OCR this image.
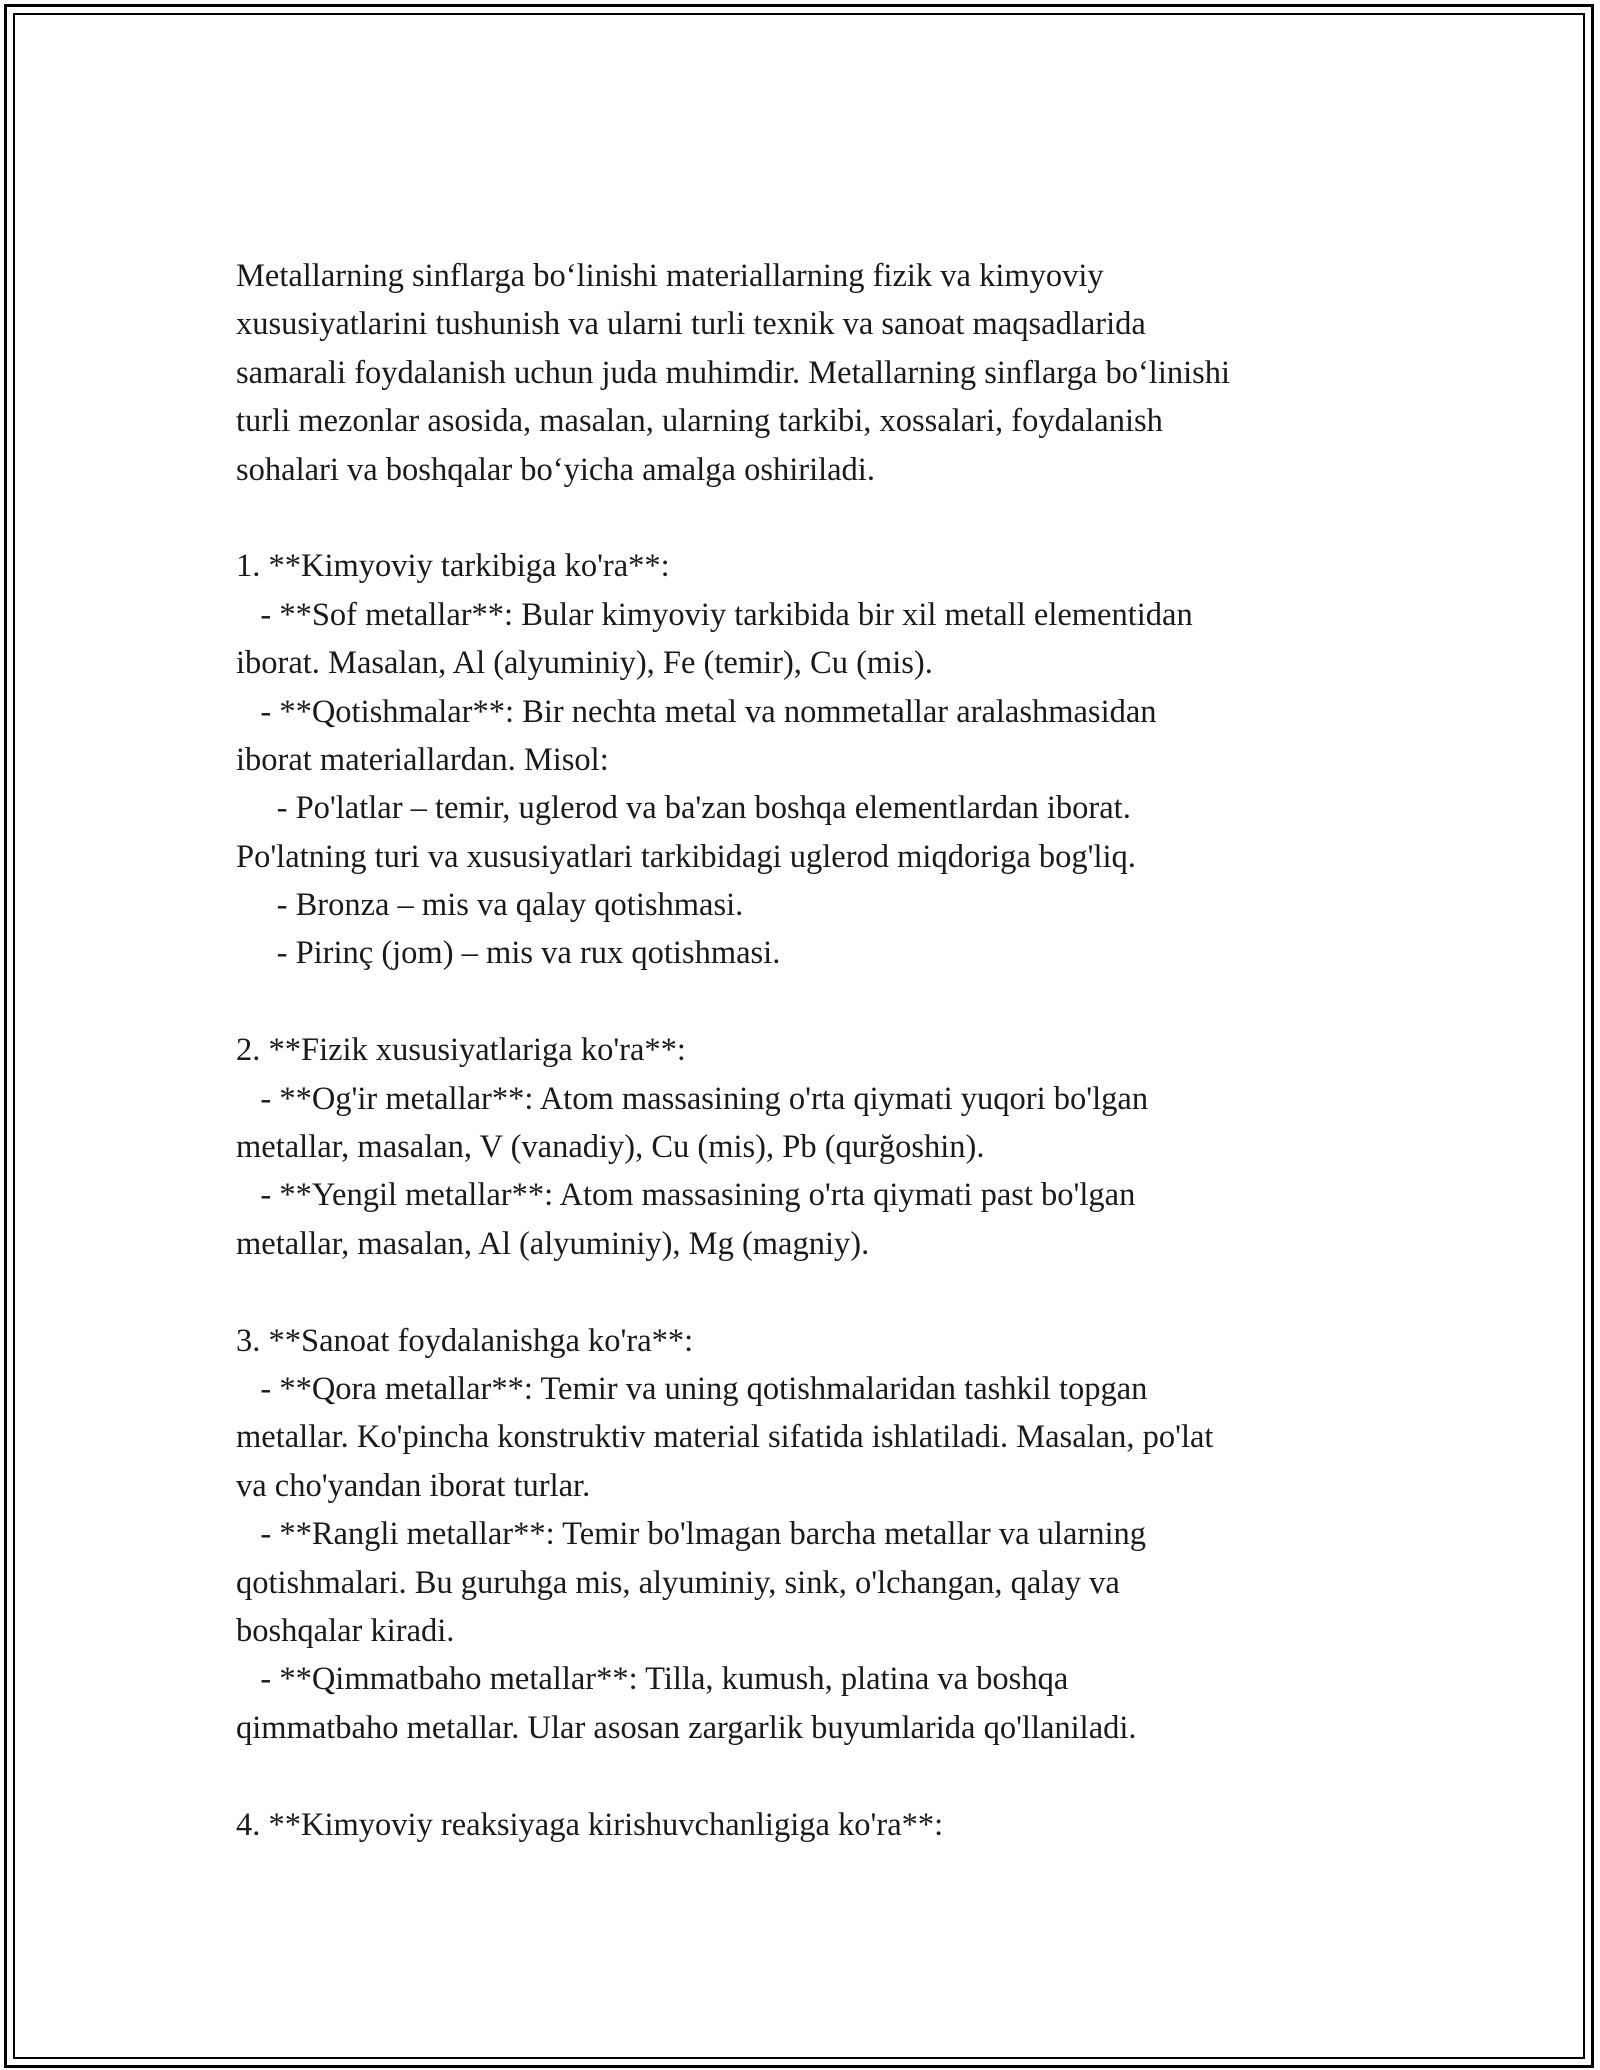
Metallarning sinflarga bo‘linishi materiallarning fizik va kimyoviy
xususiyatlarini tushunish va ularni turli texnik va sanoat maqsadlarida
samarali foydalanish uchun juda muhimdir. Metallarning sinflarga bo‘linishi
turli mezonlar asosida, masalan, ularning tarkibi, xossalari, foydalanish
sohalari va boshqalar bo‘yicha amalga oshiriladi.
1. **Kimyoviy tarkibiga ko'ra**:
- **Sof metallar**: Bular kimyoviy tarkibida bir xil metall elementidan
iborat. Masalan, Al (alyuminiy), Fe (temir), Cu (mis).
- **Qotishmalar**: Bir nechta metal va nommetallar aralashmasidan
iborat materiallardan. Misol:
- Po'latlar – temir, uglerod va ba'zan boshqa elementlardan iborat.
Po'latning turi va xususiyatlari tarkibidagi uglerod miqdoriga bog'liq.
- Bronza – mis va qalay qotishmasi.
- Pirinç (jom) – mis va rux qotishmasi.
2. **Fizik xususiyatlariga ko'ra**:
- **Og'ir metallar**: Atom massasining o'rta qiymati yuqori bo'lgan
metallar, masalan, V (vanadiy), Cu (mis), Pb (qurğoshin).
- **Yengil metallar**: Atom massasining o'rta qiymati past bo'lgan
metallar, masalan, Al (alyuminiy), Mg (magniy).
3. **Sanoat foydalanishga ko'ra**:
- **Qora metallar**: Temir va uning qotishmalaridan tashkil topgan
metallar. Ko'pincha konstruktiv material sifatida ishlatiladi. Masalan, po'lat
va cho'yandan iborat turlar.
- **Rangli metallar**: Temir bo'lmagan barcha metallar va ularning
qotishmalari. Bu guruhga mis, alyuminiy, sink, o'lchangan, qalay va
boshqalar kiradi.
- **Qimmatbaho metallar**: Tilla, kumush, platina va boshqa
qimmatbaho metallar. Ular asosan zargarlik buyumlarida qo'llaniladi.
4. **Kimyoviy reaksiyaga kirishuvchanligiga ko'ra**:
